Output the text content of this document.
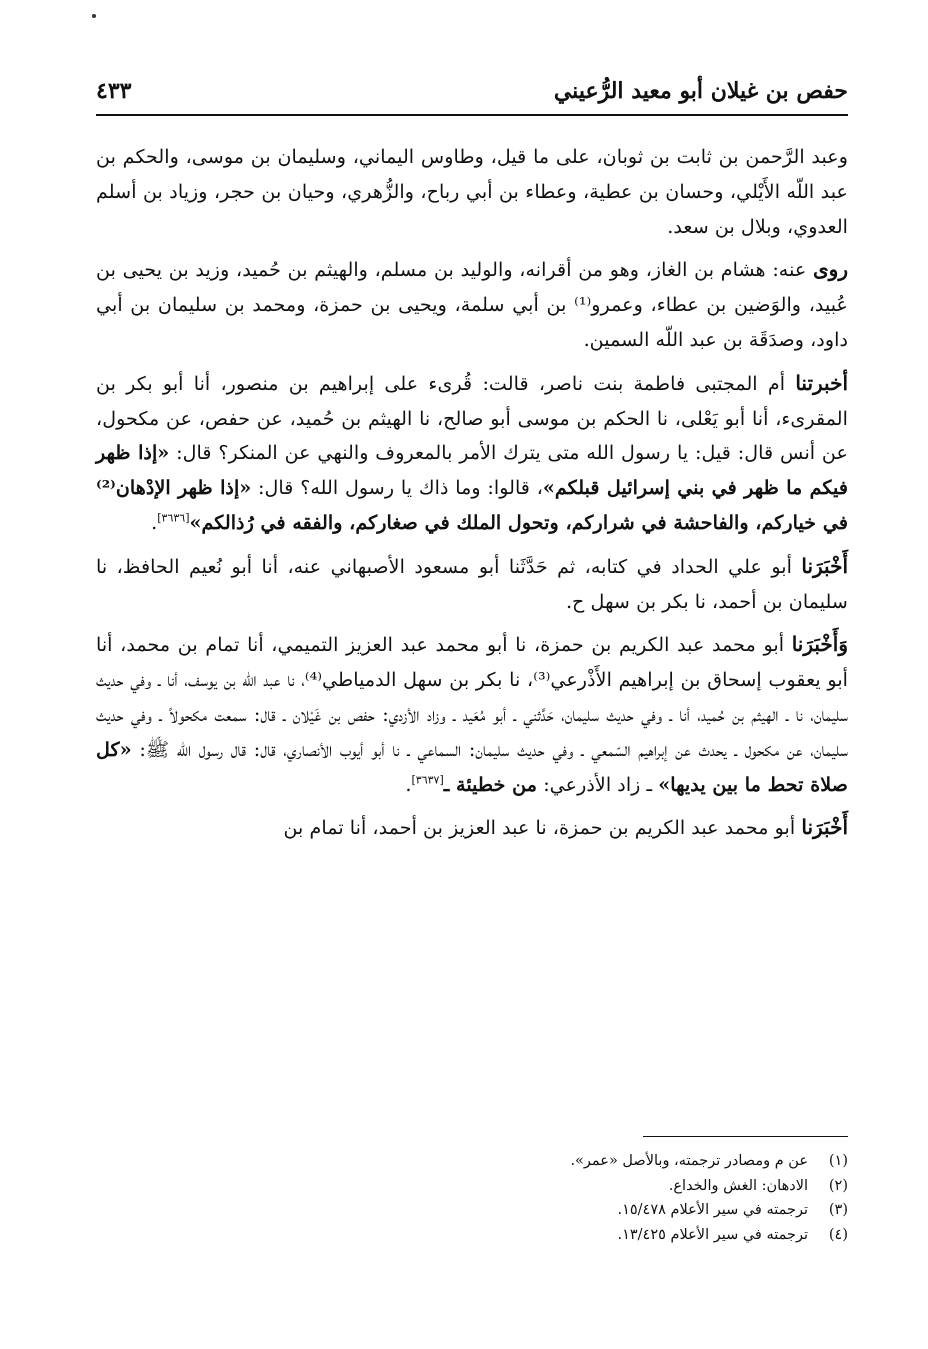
حفص بن غيلان أبو معيد الرُّعيني
٤٣٣

وعبد الرَّحمن بن ثابت بن ثوبان، على ما قيل، وطاوس اليماني، وسليمان بن موسى، والحكم بن عبد اللّه الأَيْلي، وحسان بن عطية، وعطاء بن أبي رباح، والزُّهري، وحيان بن حجر، وزياد بن أسلم العدوي، وبلال بن سعد.

روى عنه: هشام بن الغاز، وهو من أقرانه، والوليد بن مسلم، والهيثم بن حُميد، وزيد بن يحيى بن عُبيد، والوَضين بن عطاء، وعمرو⁽¹⁾ بن أبي سلمة، ويحيى بن حمزة، ومحمد بن سليمان بن أبي داود، وصدَقَة بن عبد اللّه السمين.

أخبرتنا أم المجتبى فاطمة بنت ناصر، قالت: قُرىء على إبراهيم بن منصور، أنا أبو بكر بن المقرىء، أنا أبو يَعْلى، نا الحكم بن موسى أبو صالح، نا الهيثم بن حُميد، عن حفص، عن مكحول، عن أنس قال: قيل: يا رسول الله متى يترك الأمر بالمعروف والنهي عن المنكر؟ قال: «إذا ظهر فيكم ما ظهر في بني إسرائيل قبلكم»، قالوا: وما ذاك يا رسول الله؟ قال: «إذا ظهر الإدْهان⁽²⁾ في خياركم، والفاحشة في شراركم، وتحول الملك في صغاركم، والفقه في رُذالكم»[٣٦٣٦].

أَخْبَرَنا أبو علي الحداد في كتابه، ثم حَدَّثَنا أبو مسعود الأصبهاني عنه، أنا أبو نُعيم الحافظ، نا سليمان بن أحمد، نا بكر بن سهل ح.

وَأَخْبَرَنا أبو محمد عبد الكريم بن حمزة، نا أبو محمد عبد العزيز التميمي، أنا تمام بن محمد، أنا أبو يعقوب إسحاق بن إبراهيم الأَذْرعي⁽³⁾، نا بكر بن سهل الدمياطي⁽⁴⁾، نا عبد اللّه بن يوسف، أنا ـ وفي حديث سليمان، نا ـ الهيثم بن حُميد، أنا ـ وفي حديث سليمان، حَدَّثني ـ أبو مُعَيد ـ وزاد الأزدي: حفص بن غَيْلان ـ قال: سمعت مكحولاً ـ وفي حديث سليمان، عن مكحول ـ يحدث عن إبراهيم السّمعي ـ وفي حديث سليمان: السماعي ـ نا أبو أيوب الأنصاري، قال: قال رسول الله ﷺ: «كل صلاة تحط ما بين يديها» ـ زاد الأذرعي: من خطيئة ـ[٣٦٣٧].

أَخْبَرَنا أبو محمد عبد الكريم بن حمزة، نا عبد العزيز بن أحمد، أنا تمام بن

(١)
عن م ومصادر ترجمته، وبالأصل «عمر».
(٢)
الادهان: الغش والخداع.
(٣)
ترجمته في سير الأعلام ١٥/٤٧٨.
(٤)
ترجمته في سير الأعلام ١٣/٤٢٥.
